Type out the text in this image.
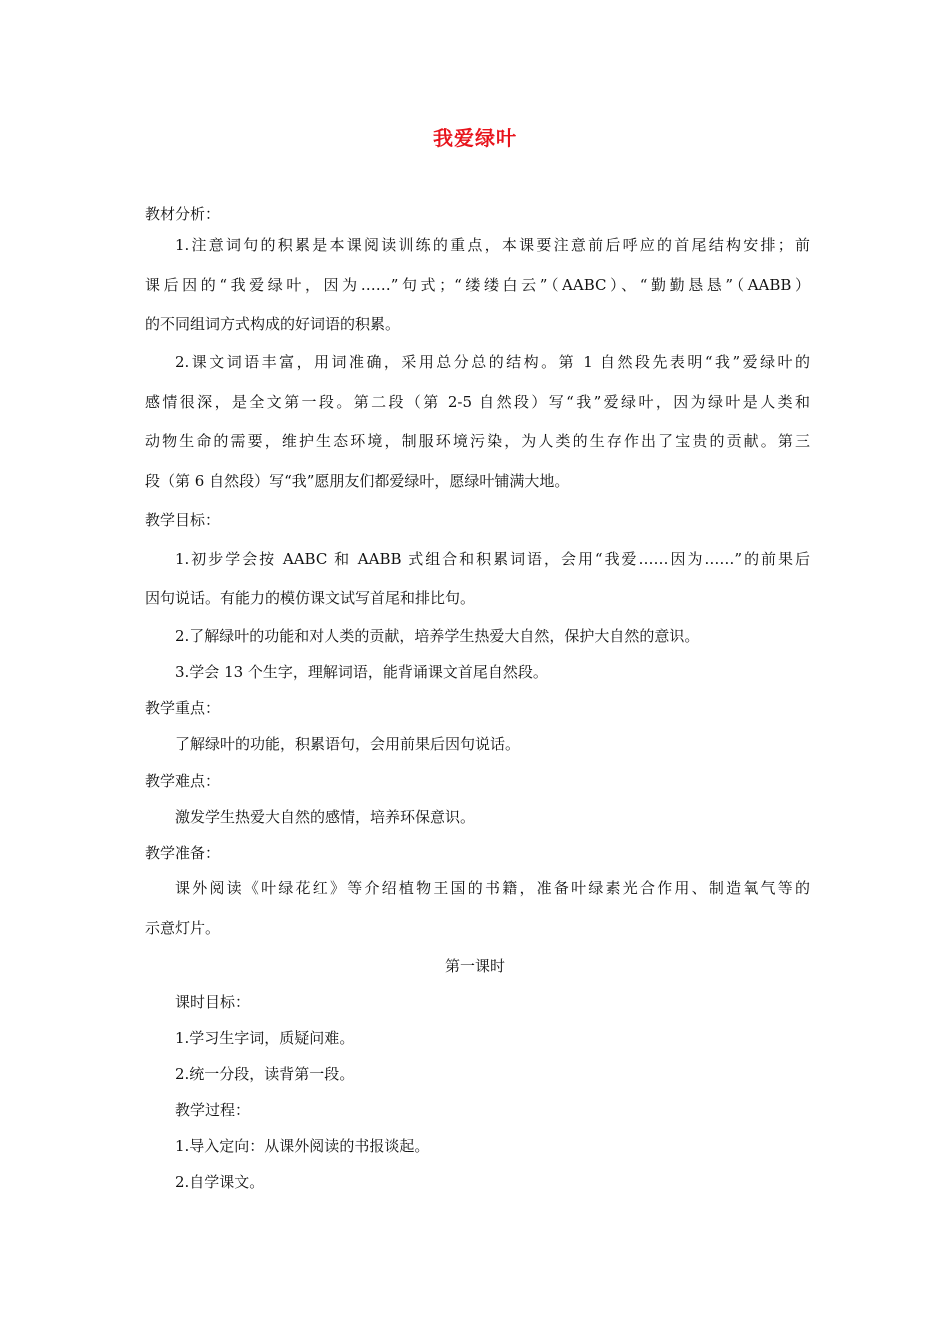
我爱绿叶
教材分析：
1.注意词句的积累是本课阅读训练的重点，本课要注意前后呼应的首尾结构安排；前
课后因的“我爱绿叶，因为……”句式；“缕缕白云”（AABC）、“勤勤恳恳”（AABB）
的不同组词方式构成的好词语的积累。
2.课文词语丰富，用词准确，采用总分总的结构。第 1 自然段先表明“我”爱绿叶的
感情很深，是全文第一段。第二段（第 2-5 自然段）写“我”爱绿叶，因为绿叶是人类和
动物生命的需要，维护生态环境，制服环境污染，为人类的生存作出了宝贵的贡献。第三
段（第 6 自然段）写“我”愿朋友们都爱绿叶，愿绿叶铺满大地。
教学目标：
1.初步学会按 AABC 和 AABB 式组合和积累词语，会用“我爱……因为……”的前果后
因句说话。有能力的模仿课文试写首尾和排比句。
2.了解绿叶的功能和对人类的贡献，培养学生热爱大自然，保护大自然的意识。
3.学会 13 个生字，理解词语，能背诵课文首尾自然段。
教学重点：
了解绿叶的功能，积累语句，会用前果后因句说话。
教学难点：
激发学生热爱大自然的感情，培养环保意识。
教学准备：
课外阅读《叶绿花红》等介绍植物王国的书籍，准备叶绿素光合作用、制造氧气等的
示意灯片。
第一课时
课时目标：
1.学习生字词，质疑问难。
2.统一分段，读背第一段。
教学过程：
1.导入定向：从课外阅读的书报谈起。
2.自学课文。
